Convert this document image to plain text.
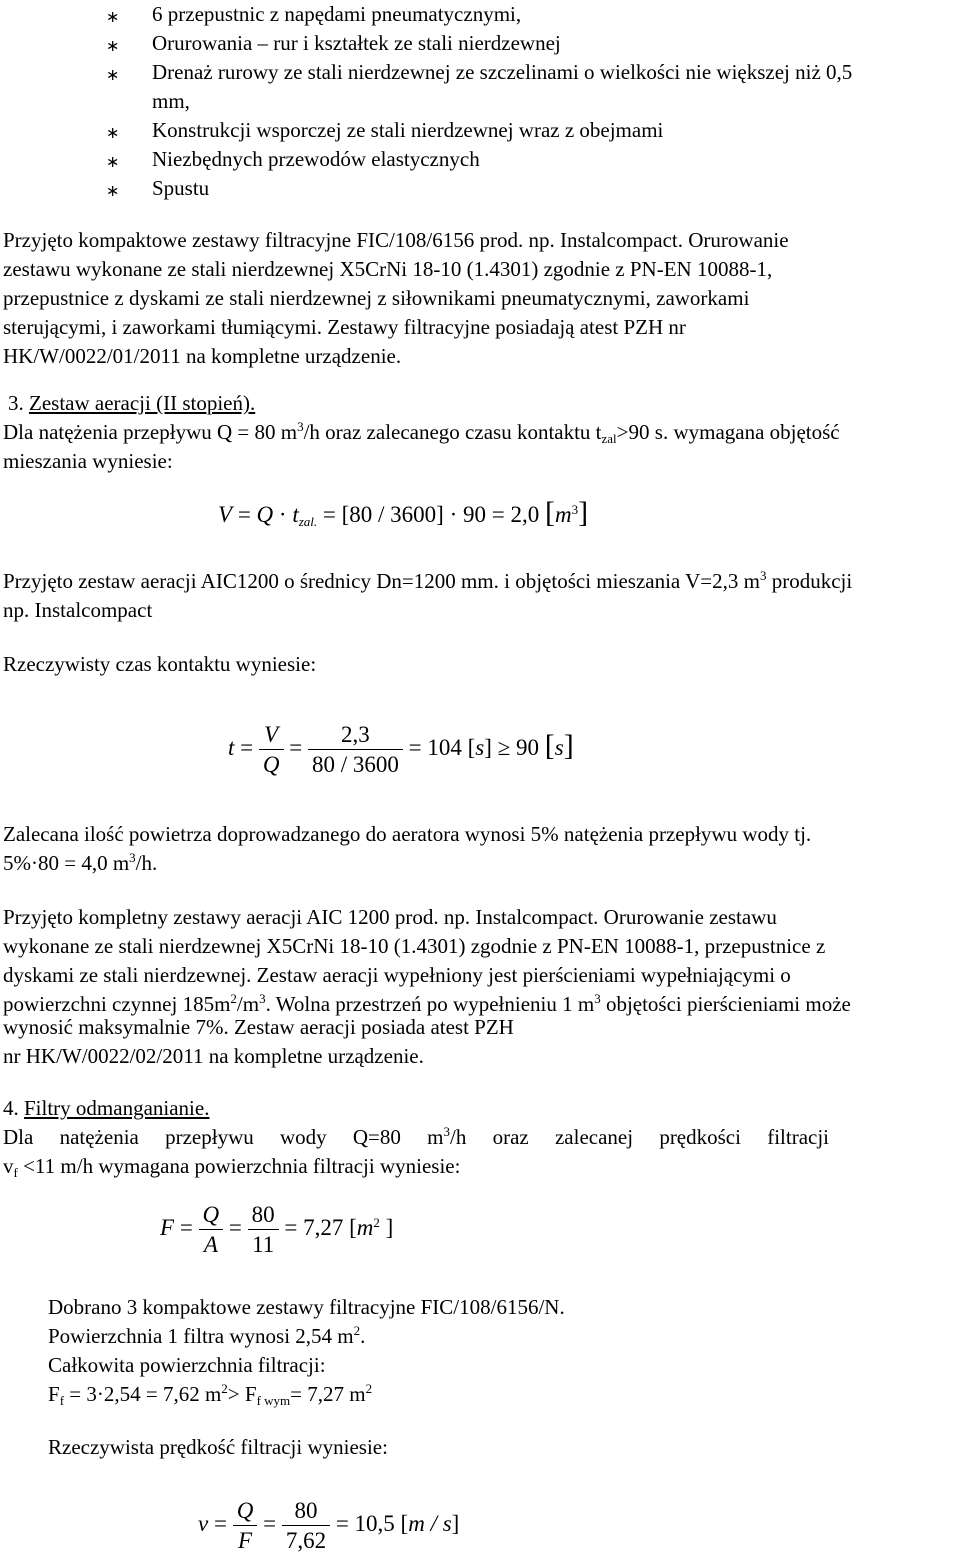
∗ 6 przepustnic z napędami pneumatycznymi,
∗ Orurowania – rur i kształtek ze stali nierdzewnej
∗ Drenaż rurowy ze stali nierdzewnej ze szczelinami o wielkości nie większej niż 0,5
mm,
∗ Konstrukcji wsporczej ze stali nierdzewnej wraz z obejmami
∗ Niezbędnych przewodów elastycznych
∗ Spustu
Przyjęto kompaktowe zestawy filtracyjne FIC/108/6156 prod. np. Instalcompact. Orurowanie
zestawu wykonane ze stali nierdzewnej X5CrNi 18-10 (1.4301) zgodnie z PN-EN 10088-1,
przepustnice z dyskami ze stali nierdzewnej z siłownikami pneumatycznymi, zaworkami
sterującymi, i zaworkami tłumiącymi. Zestawy filtracyjne posiadają atest PZH nr
HK/W/0022/01/2011 na kompletne urządzenie.
3. Zestaw aeracji (II stopień).
Dla natężenia przepływu Q = 80 $m^3/h$ oraz zalecanego czasu kontaktu $t_{zal}>90$ s. wymagana objętość
mieszania wyniesie:
$V = Q \cdot t_{zal.} = [80 / 3600] \cdot 90 = 2,0$ $[m^3]$
Przyjęto zestaw aeracji AIC1200 o średnicy Dn=1200 mm. i objętości mieszania V=2,3 $m^3$ produkcji
np. Instalcompact
Rzeczywisty czas kontaktu wyniesie:
$t = \frac{V}{Q} = \frac{2,3}{80 / 3600} = 104$ [s] ≥ 90 [s]
Zalecana ilość powietrza doprowadzanego do aeratora wynosi 5% natężenia przepływu wody tj.
5%·80 = 4,0 $m^3/h$.
Przyjęto kompletny zestawy aeracji AIC 1200 prod. np. Instalcompact. Orurowanie zestawu
wykonane ze stali nierdzewnej X5CrNi 18-10 (1.4301) zgodnie z PN-EN 10088-1, przepustnice z
dyskami ze stali nierdzewnej. Zestaw aeracji wypełniony jest pierścieniami wypełniającymi o
powierzchni czynnej $185m^2/m^3$. Wolna przestrzeń po wypełnieniu 1 $m^3$ objętości pierścieniami może
wynosić maksymalnie 7%. Zestaw aeracji posiada atest PZH
nr HK/W/0022/02/2011 na kompletne urządzenie.
4. Filtry odmanganianie.
Dla natężenia przepływu wody Q=80 $m^3/h$ oraz zalecanej prędkości filtracji
$v_f <11$ m/h wymagana powierzchnia filtracji wyniesie:
$F = \frac{Q}{A} = \frac{80}{11} = 7,27$ [$m^2$ ]
Dobrano 3 kompaktowe zestawy filtracyjne FIC/108/6156/N.
Powierzchnia 1 filtra wynosi 2,54 $m^2$.
Całkowita powierzchnia filtracji:
$F_f = 3\cdot 2,54 = 7,62$ $m^2> F_{f wym}= 7,27$ $m^2$
Rzeczywista prędkość filtracji wyniesie:
$v = \frac{Q}{F} = \frac{80}{7,62} = 10,5$ [m / s]
